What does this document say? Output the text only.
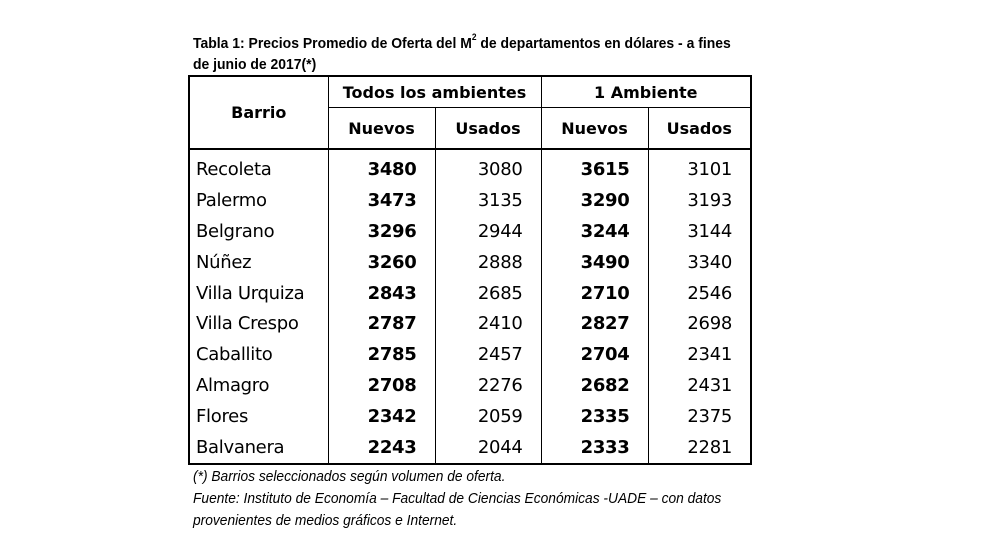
Tabla 1: Precios Promedio de Oferta del $M^2$ de departamentos en dólares - a fines
de junio de 2017(*)
Barrio	Todos los ambientes		1 Ambiente	
	Nuevos	Usados	Nuevos	Usados
Recoleta	3480	3080	3615	3101
Palermo	3473	3135	3290	3193
Belgrano	3296	2944	3244	3144
Núñez	3260	2888	3490	3340
Villa Urquiza	2843	2685	2710	2546
Villa Crespo	2787	2410	2827	2698
Caballito	2785	2457	2704	2341
Almagro	2708	2276	2682	2431
Flores	2342	2059	2335	2375
Balvanera	2243	2044	2333	2281
(*) Barrios seleccionados según volumen de oferta.
Fuente: Instituto de Economía – Facultad de Ciencias Económicas -UADE – con datos
provenientes de medios gráficos e Internet.
